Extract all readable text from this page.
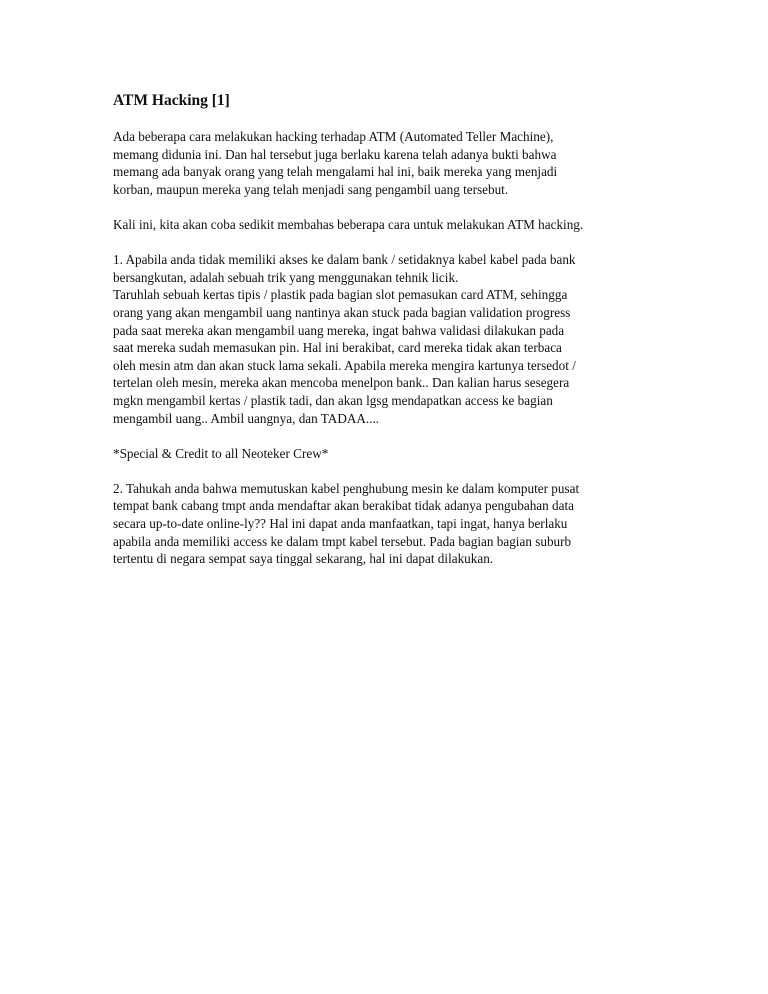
ATM Hacking [1]
Ada beberapa cara melakukan hacking terhadap ATM (Automated Teller Machine),
memang didunia ini. Dan hal tersebut juga berlaku karena telah adanya bukti bahwa
memang ada banyak orang yang telah mengalami hal ini, baik mereka yang menjadi
korban, maupun mereka yang telah menjadi sang pengambil uang tersebut.
Kali ini, kita akan coba sedikit membahas beberapa cara untuk melakukan ATM hacking.
1. Apabila anda tidak memiliki akses ke dalam bank / setidaknya kabel kabel pada bank
bersangkutan, adalah sebuah trik yang menggunakan tehnik licik.
Taruhlah sebuah kertas tipis / plastik pada bagian slot pemasukan card ATM, sehingga
orang yang akan mengambil uang nantinya akan stuck pada bagian validation progress
pada saat mereka akan mengambil uang mereka, ingat bahwa validasi dilakukan pada
saat mereka sudah memasukan pin. Hal ini berakibat, card mereka tidak akan terbaca
oleh mesin atm dan akan stuck lama sekali. Apabila mereka mengira kartunya tersedot /
tertelan oleh mesin, mereka akan mencoba menelpon bank.. Dan kalian harus sesegera
mgkn mengambil kertas / plastik tadi, dan akan lgsg mendapatkan access ke bagian
mengambil uang.. Ambil uangnya, dan TADAA....
*Special & Credit to all Neoteker Crew*
2. Tahukah anda bahwa memutuskan kabel penghubung mesin ke dalam komputer pusat
tempat bank cabang tmpt anda mendaftar akan berakibat tidak adanya pengubahan data
secara up-to-date online-ly?? Hal ini dapat anda manfaatkan, tapi ingat, hanya berlaku
apabila anda memiliki access ke dalam tmpt kabel tersebut. Pada bagian bagian suburb
tertentu di negara sempat saya tinggal sekarang, hal ini dapat dilakukan.
